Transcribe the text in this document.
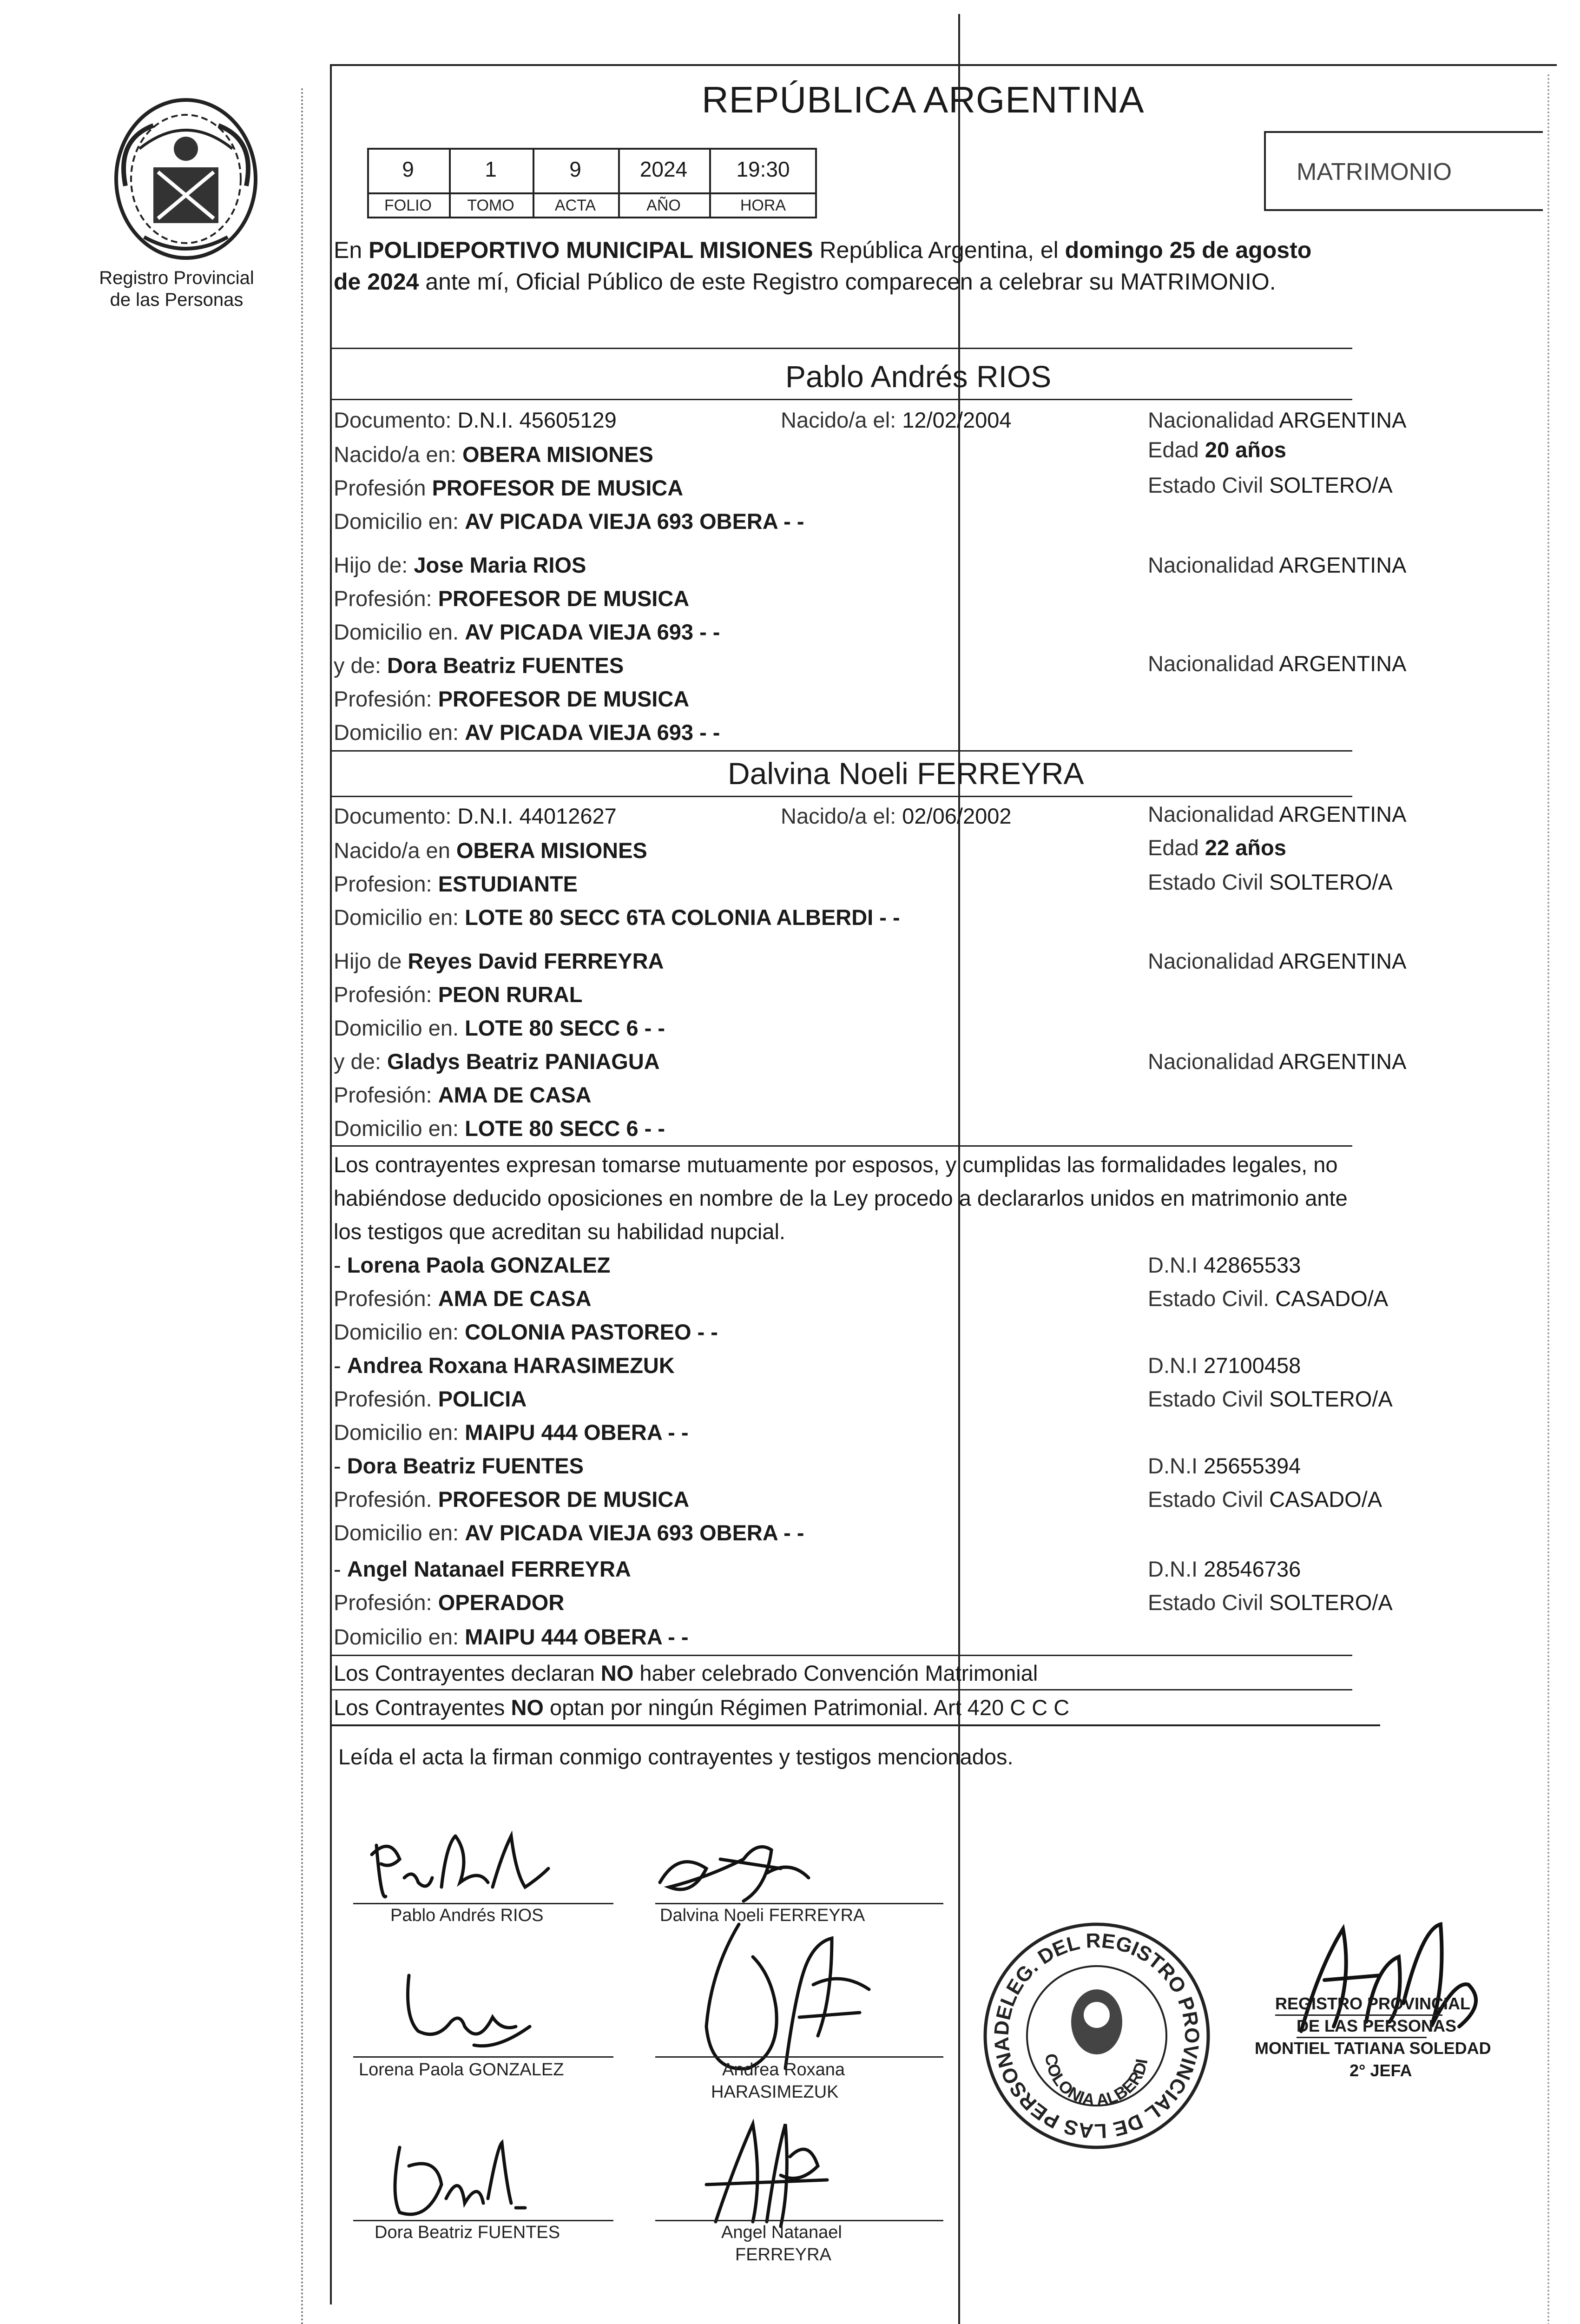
Registro Provincial
de las Personas
REPÚBLICA ARGENTINA
9	1	9	2024	19:30
FOLIO	TOMO	ACTA	AÑO	HORA
MATRIMONIO
En POLIDEPORTIVO MUNICIPAL MISIONES República Argentina, el domingo 25 de agosto
de 2024 ante mí, Oficial Público de este Registro comparecen a celebrar su MATRIMONIO.
Pablo Andrés RIOS
Documento: D.N.I. 45605129	Nacido/a el: 12/02/2004	Nacionalidad ARGENTINA
Nacido/a en: OBERA MISIONES	Edad 20 años
Profesión PROFESOR DE MUSICA	Estado Civil SOLTERO/A
Domicilio en: AV PICADA VIEJA 693 OBERA - -
Hijo de: Jose Maria RIOS	Nacionalidad ARGENTINA
Profesión: PROFESOR DE MUSICA
Domicilio en. AV PICADA VIEJA 693 - -
y de: Dora Beatriz FUENTES	Nacionalidad ARGENTINA
Profesión: PROFESOR DE MUSICA
Domicilio en: AV PICADA VIEJA 693 - -
Dalvina Noeli FERREYRA
Documento: D.N.I. 44012627	Nacido/a el: 02/06/2002	Nacionalidad ARGENTINA
Nacido/a en OBERA MISIONES	Edad 22 años
Profesion: ESTUDIANTE	Estado Civil SOLTERO/A
Domicilio en: LOTE 80 SECC 6TA COLONIA ALBERDI - -
Hijo de Reyes David FERREYRA	Nacionalidad ARGENTINA
Profesión: PEON RURAL
Domicilio en. LOTE 80 SECC 6 - -
y de: Gladys Beatriz PANIAGUA	Nacionalidad ARGENTINA
Profesión: AMA DE CASA
Domicilio en: LOTE 80 SECC 6 - -
Los contrayentes expresan tomarse mutuamente por esposos, y cumplidas las formalidades legales, no
habiéndose deducido oposiciones en nombre de la Ley procedo a declararlos unidos en matrimonio ante
los testigos que acreditan su habilidad nupcial.
- Lorena Paola GONZALEZ	D.N.I 42865533
Profesión: AMA DE CASA	Estado Civil. CASADO/A
Domicilio en: COLONIA PASTOREO - -
- Andrea Roxana HARASIMEZUK	D.N.I 27100458
Profesión. POLICIA	Estado Civil SOLTERO/A
Domicilio en: MAIPU 444 OBERA - -
- Dora Beatriz FUENTES	D.N.I 25655394
Profesión. PROFESOR DE MUSICA	Estado Civil CASADO/A
Domicilio en: AV PICADA VIEJA 693 OBERA - -
- Angel Natanael FERREYRA	D.N.I 28546736
Profesión: OPERADOR	Estado Civil SOLTERO/A
Domicilio en: MAIPU 444 OBERA - -
Los Contrayentes declaran NO haber celebrado Convención Matrimonial
Los Contrayentes NO optan por ningún Régimen Patrimonial. Art 420 C C C
Leída el acta la firman conmigo contrayentes y testigos mencionados.
Pablo Andrés RIOS	Dalvina Noeli FERREYRA
Lorena Paola GONZALEZ	Andrea Roxana
HARASIMEZUK
Dora Beatriz FUENTES	Angel Natanael
FERREYRA
DELEG. DEL REGISTRO PROVINCIAL DE LAS PERSONA
COLONIA ALBERDI
REGISTRO PROVINCIAL
DE LAS PERSONAS
MONTIEL TATIANA SOLEDAD
2° JEFA
